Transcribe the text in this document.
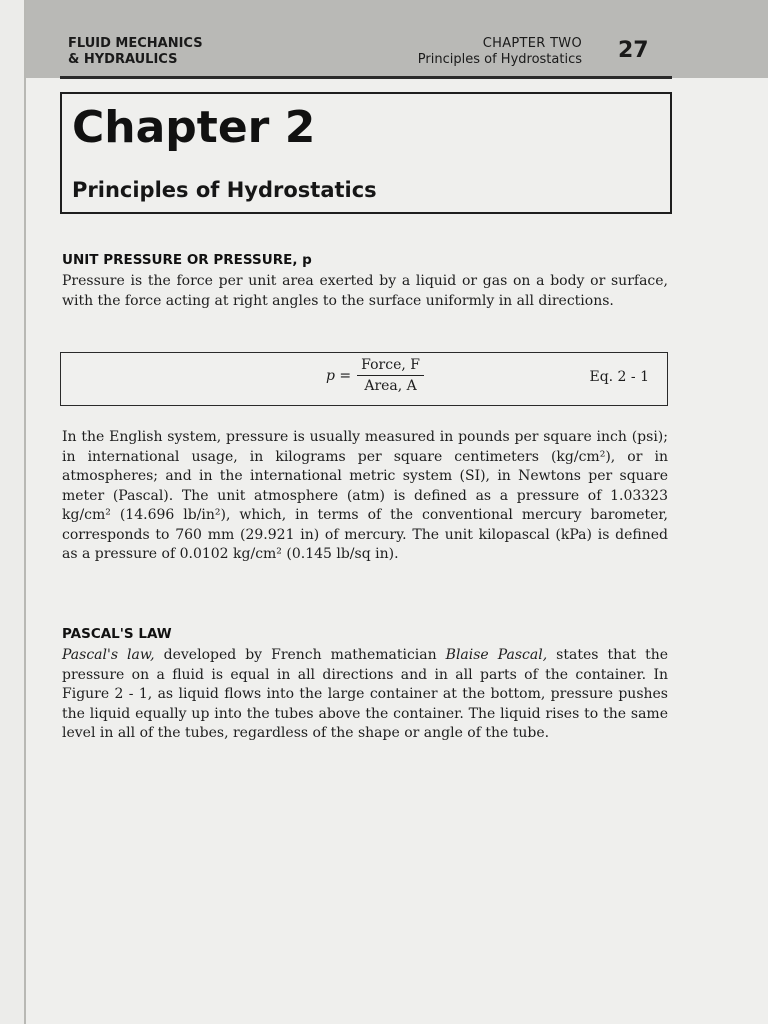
FLUID MECHANICS
& HYDRAULICS
CHAPTER TWO
Principles of Hydrostatics 27
Chapter 2
Principles of Hydrostatics
UNIT PRESSURE OR PRESSURE, p
Pressure is the force per unit area exerted by a liquid or gas on a body or surface, with the force acting at right angles to the surface uniformly in all directions.
$p = \frac{\text{Force, F}}{\text{Area, A}}$	Eq. 2 - 1
In the English system, pressure is usually measured in pounds per square inch (psi); in international usage, in kilograms per square centimeters (kg/cm²), or in atmospheres; and in the international metric system (SI), in Newtons per square meter (Pascal). The unit atmosphere (atm) is defined as a pressure of 1.03323 kg/cm² (14.696 lb/in²), which, in terms of the conventional mercury barometer, corresponds to 760 mm (29.921 in) of mercury. The unit kilopascal (kPa) is defined as a pressure of 0.0102 kg/cm² (0.145 lb/sq in).
PASCAL'S LAW
Pascal's law, developed by French mathematician Blaise Pascal, states that the pressure on a fluid is equal in all directions and in all parts of the container. In Figure 2 - 1, as liquid flows into the large container at the bottom, pressure pushes the liquid equally up into the tubes above the container. The liquid rises to the same level in all of the tubes, regardless of the shape or angle of the tube.
